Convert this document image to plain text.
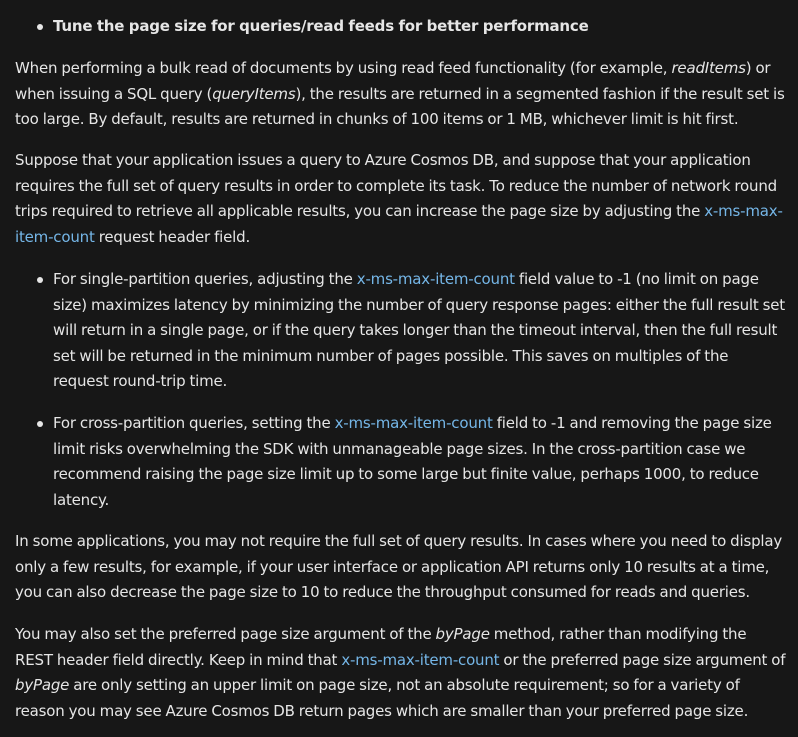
Tune the page size for queries/read feeds for better performance

When performing a bulk read of documents by using read feed functionality (for example, readItems) or when issuing a SQL query (queryItems), the results are returned in a segmented fashion if the result set is too large. By default, results are returned in chunks of 100 items or 1 MB, whichever limit is hit first.

Suppose that your application issues a query to Azure Cosmos DB, and suppose that your application requires the full set of query results in order to complete its task. To reduce the number of network round trips required to retrieve all applicable results, you can increase the page size by adjusting the x-ms-max-item-count request header field.

For single-partition queries, adjusting the x-ms-max-item-count field value to -1 (no limit on page size) maximizes latency by minimizing the number of query response pages: either the full result set will return in a single page, or if the query takes longer than the timeout interval, then the full result set will be returned in the minimum number of pages possible. This saves on multiples of the request round-trip time.
For cross-partition queries, setting the x-ms-max-item-count field to -1 and removing the page size limit risks overwhelming the SDK with unmanageable page sizes. In the cross-partition case we recommend raising the page size limit up to some large but finite value, perhaps 1000, to reduce latency.

In some applications, you may not require the full set of query results. In cases where you need to display only a few results, for example, if your user interface or application API returns only 10 results at a time, you can also decrease the page size to 10 to reduce the throughput consumed for reads and queries.

You may also set the preferred page size argument of the byPage method, rather than modifying the REST header field directly. Keep in mind that x-ms-max-item-count or the preferred page size argument of byPage are only setting an upper limit on page size, not an absolute requirement; so for a variety of reason you may see Azure Cosmos DB return pages which are smaller than your preferred page size.
